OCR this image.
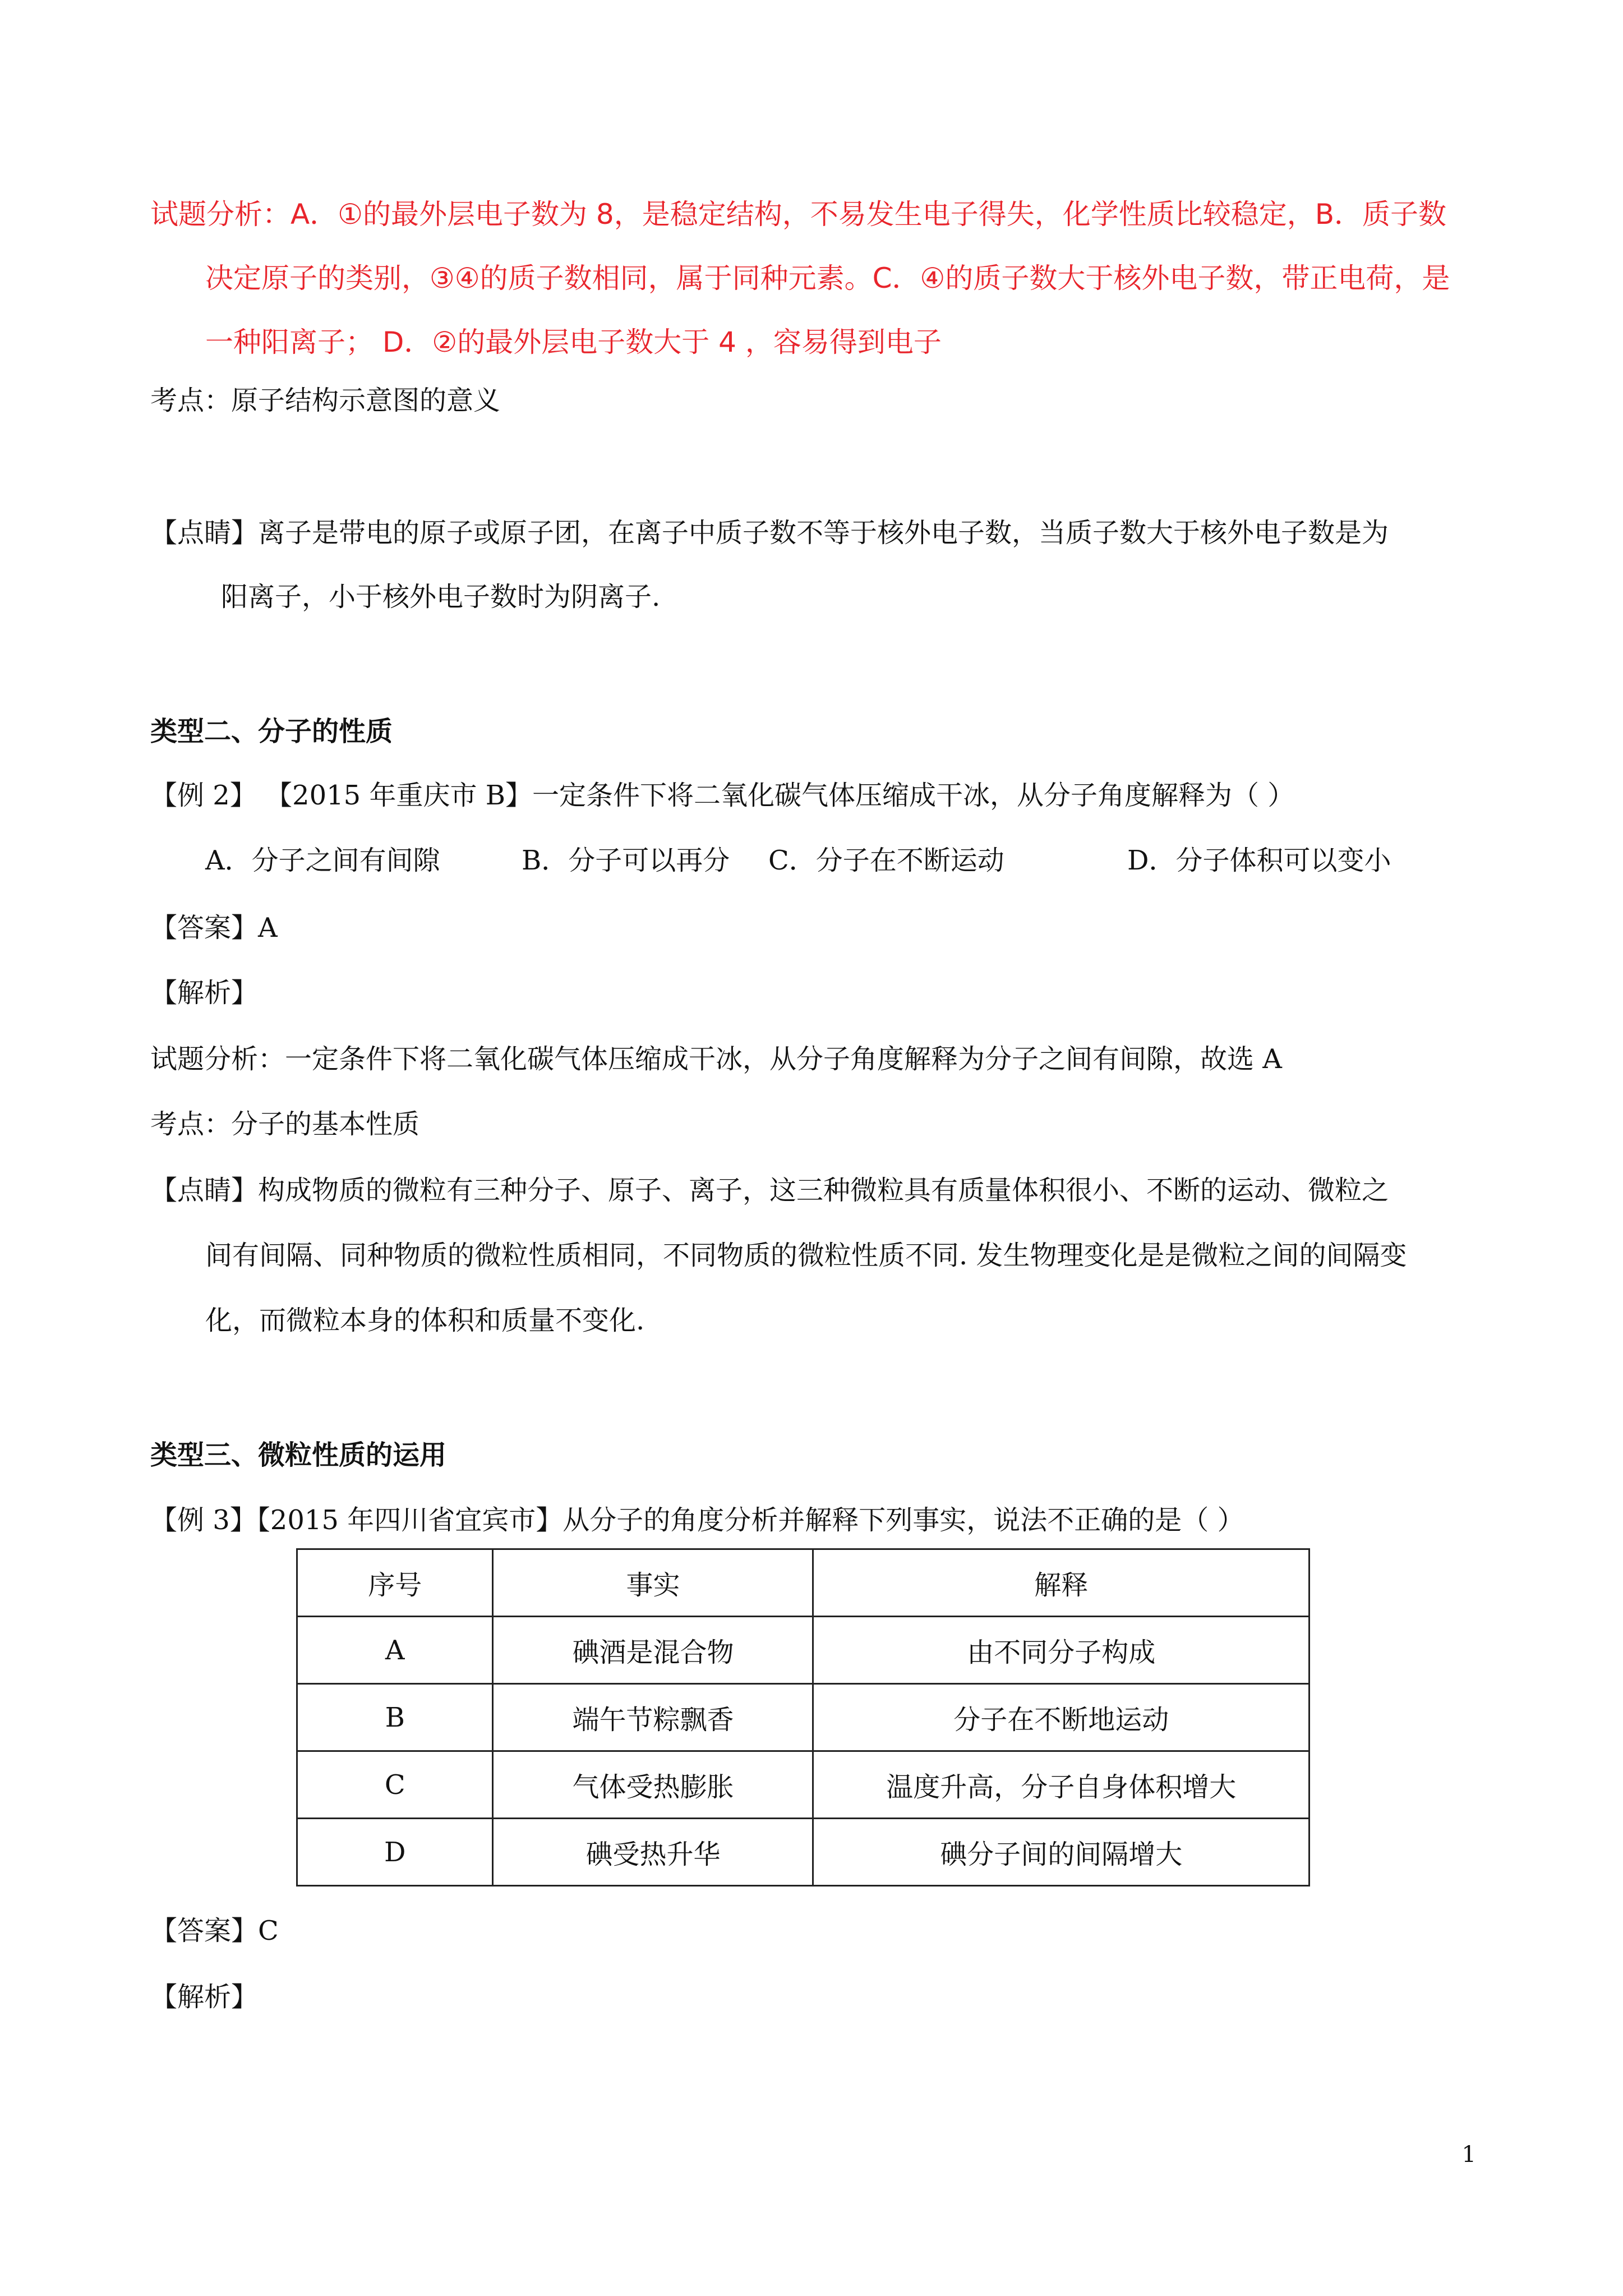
试题分析：A．①的最外层电子数为 8，是稳定结构，不易发生电子得失，化学性质比较稳定，B．质子数
决定原子的类别，③④的质子数相同，属于同种元素。C．④的质子数大于核外电子数，带正电荷，是
一种阳离子； D．②的最外层电子数大于 4 ，容易得到电子
考点：原子结构示意图的意义
【点睛】离子是带电的原子或原子团，在离子中质子数不等于核外电子数，当质子数大于核外电子数是为
阳离子，小于核外电子数时为阴离子.
类型二、分子的性质
【例 2】 【2015 年重庆市 B】一定条件下将二氧化碳气体压缩成干冰，从分子角度解释为（ ）
A．分子之间有间隙	B．分子可以再分 C．分子在不断运动	D．分子体积可以变小
【答案】A
【解析】
试题分析：一定条件下将二氧化碳气体压缩成干冰，从分子角度解释为分子之间有间隙，故选 A
考点：分子的基本性质
【点睛】构成物质的微粒有三种分子、原子、离子，这三种微粒具有质量体积很小、不断的运动、微粒之
间有间隔、同种物质的微粒性质相同，不同物质的微粒性质不同. 发生物理变化是是微粒之间的间隔变
化，而微粒本身的体积和质量不变化.
类型三、微粒性质的运用
【例 3】【2015 年四川省宜宾市】从分子的角度分析并解释下列事实，说法不正确的是（ ）
序号	事实	解释
A	碘酒是混合物	由不同分子构成
B	端午节粽飘香	分子在不断地运动
C	气体受热膨胀	温度升高，分子自身体积增大
D	碘受热升华	碘分子间的间隔增大
【答案】C
【解析】
1
